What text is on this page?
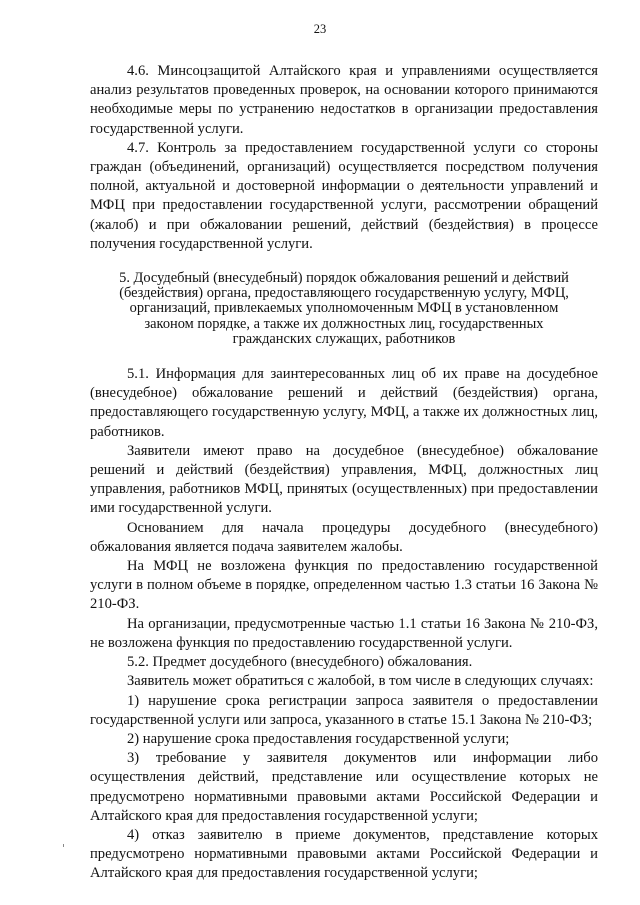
23

4.6. Минсоцзащитой Алтайского края и управлениями осуществляется анализ результатов проведенных проверок, на основании которого принимаются необходимые меры по устранению недостатков в организации предоставления государственной услуги.

4.7. Контроль за предоставлением государственной услуги со стороны граждан (объединений, организаций) осуществляется посредством получения полной, актуальной и достоверной информации о деятельности управлений и МФЦ при предоставлении государственной услуги, рассмотрении обращений (жалоб) и при обжаловании решений, действий (бездействия) в процессе получения государственной услуги.

5. Досудебный (внесудебный) порядок обжалования решений и действий (бездействия) органа, предоставляющего государственную услугу, МФЦ, организаций, привлекаемых уполномоченным МФЦ в установленном законом порядке, а также их должностных лиц, государственных гражданских служащих, работников

5.1. Информация для заинтересованных лиц об их праве на досудебное (внесудебное) обжалование решений и действий (бездействия) органа, предоставляющего государственную услугу, МФЦ, а также их должностных лиц, работников.

Заявители имеют право на досудебное (внесудебное) обжалование решений и действий (бездействия) управления, МФЦ, должностных лиц управления, работников МФЦ, принятых (осуществленных) при предоставлении ими государственной услуги.

Основанием для начала процедуры досудебного (внесудебного) обжалования является подача заявителем жалобы.

На МФЦ не возложена функция по предоставлению государственной услуги в полном объеме в порядке, определенном частью 1.3 статьи 16 Закона № 210-ФЗ.

На организации, предусмотренные частью 1.1 статьи 16 Закона № 210-ФЗ, не возложена функция по предоставлению государственной услуги.

5.2. Предмет досудебного (внесудебного) обжалования.

Заявитель может обратиться с жалобой, в том числе в следующих случаях:

1) нарушение срока регистрации запроса заявителя о предоставлении государственной услуги или запроса, указанного в статье 15.1 Закона № 210-ФЗ;

2) нарушение срока предоставления государственной услуги;

3) требование у заявителя документов или информации либо осуществления действий, представление или осуществление которых не предусмотрено нормативными правовыми актами Российской Федерации и Алтайского края для предоставления государственной услуги;

4) отказ заявителю в приеме документов, представление которых предусмотрено нормативными правовыми актами Российской Федерации и Алтайского края для предоставления государственной услуги;
